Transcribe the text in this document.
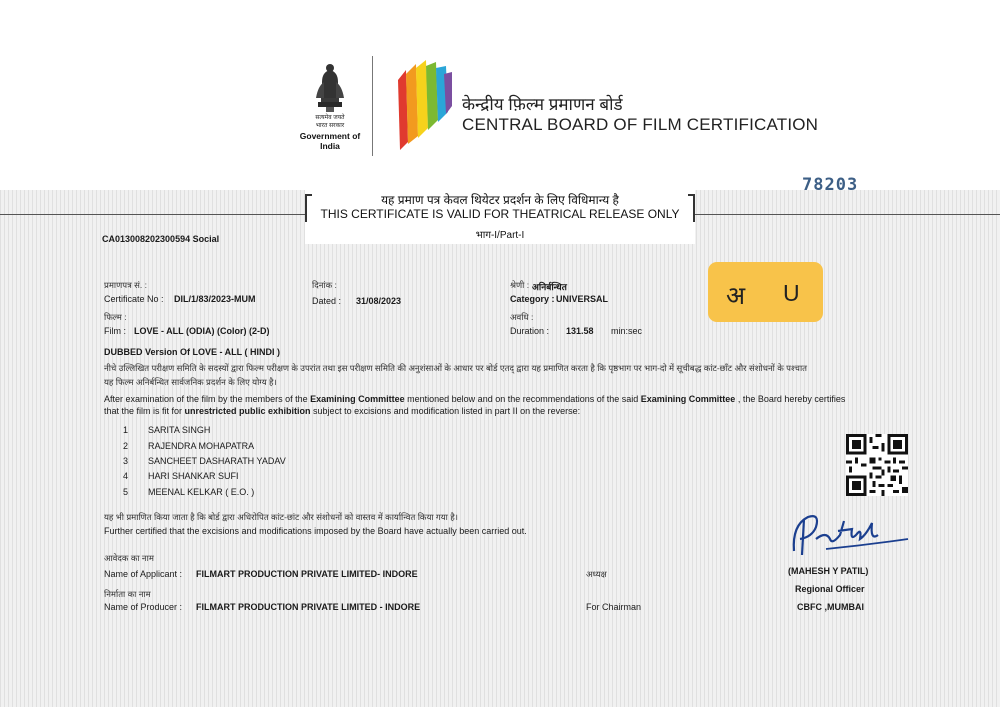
सत्यमेव जयते
भारत सरकार
Government of India
केन्द्रीय फ़िल्म प्रमाणन बोर्ड
CENTRAL BOARD OF FILM CERTIFICATION
78203
यह प्रमाण पत्र केवल थियेटर प्रदर्शन के लिए विधिमान्य है
THIS CERTIFICATE IS VALID FOR THEATRICAL RELEASE ONLY
भाग-I/Part-I
CA013008202300594 Social
प्रमाणपत्र सं. :
Certificate No : DIL/1/83/2023-MUM
दिनांक :
Dated : 31/08/2023
श्रेणी : अनिर्बन्धित
Category : UNIVERSAL
फिल्म :
Film : LOVE - ALL (ODIA) (Color) (2-D)
अवधि :
Duration : 131.58 min:sec
अ U
DUBBED Version Of LOVE - ALL ( HINDI )
नीचे उल्लिखित परीक्षण समिति के सदस्यों द्वारा फिल्म परीक्षण के उपरांत तथा इस परीक्षण समिति की अनुशंसाओं के आधार पर बोर्ड एतद् द्वारा यह प्रमाणित करता है कि पृष्ठभाग पर भाग-दो में सूचीबद्ध कांट-छाँट और संशोधनों के पश्चात
यह फिल्म अनिर्बन्धित सार्वजनिक प्रदर्शन के लिए योग्य है।
After examination of the film by the members of the Examining Committee mentioned below and on the recommendations of the said Examining Committee , the Board hereby certifies
that the film is fit for unrestricted public exhibition subject to excisions and modification listed in part II on the reverse:
1 SARITA SINGH
2 RAJENDRA MOHAPATRA
3 SANCHEET DASHARATH YADAV
4 HARI SHANKAR SUFI
5 MEENAL KELKAR ( E.O. )
यह भी प्रमाणित किया जाता है कि बोर्ड द्वारा अधिरोपित कांट-छांट और संशोधनों को वास्तव में कार्यान्वित किया गया है।
Further certified that the excisions and modifications imposed by the Board have actually been carried out.
आवेदक का नाम
Name of Applicant : FILMART PRODUCTION PRIVATE LIMITED- INDORE
निर्माता का नाम
Name of Producer : FILMART PRODUCTION PRIVATE LIMITED - INDORE
अध्यक्ष
For Chairman
(MAHESH Y PATIL)
Regional Officer
CBFC ,MUMBAI
